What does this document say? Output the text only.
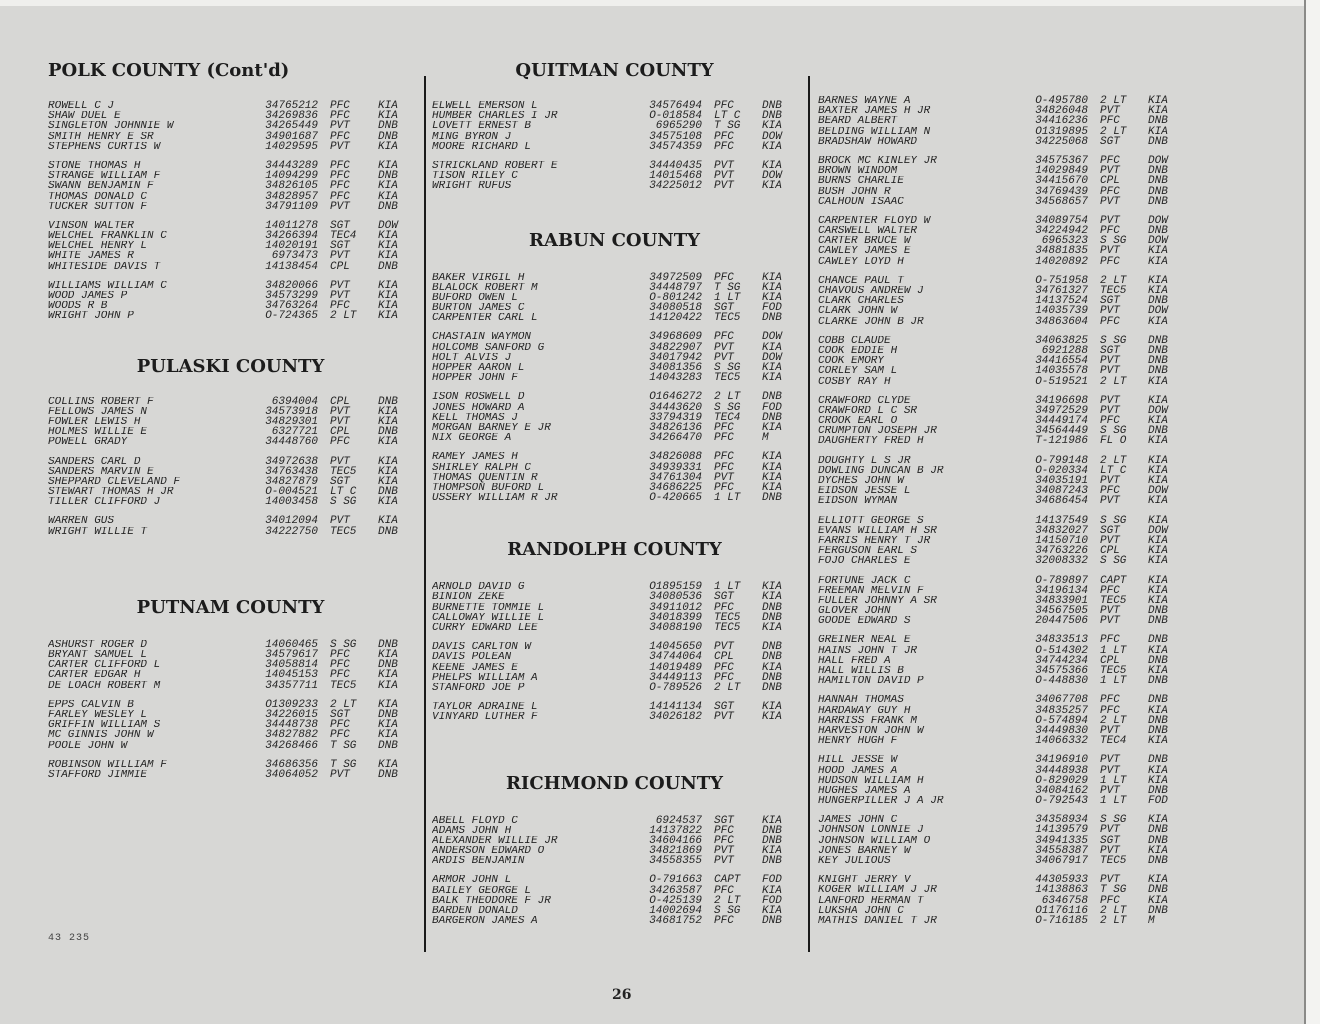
POLK COUNTY (Cont'd)
ROWELL C J	34765212	PFC	KIA
SHAW DUEL E	34269836	PFC	KIA
SINGLETON JOHNNIE W	34265449	PVT	DNB
SMITH HENRY E SR	34901687	PFC	DNB
STEPHENS CURTIS W	14029595	PVT	KIA
STONE THOMAS H	34443289	PFC	KIA
STRANGE WILLIAM F	14094299	PFC	DNB
SWANN BENJAMIN F	34826105	PFC	KIA
THOMAS DONALD C	34828957	PFC	KIA
TUCKER SUTTON F	34791109	PVT	DNB
VINSON WALTER	14011278	SGT	DOW
WELCHEL FRANKLIN C	34266394	TEC4	KIA
WELCHEL HENRY L	14020191	SGT	KIA
WHITE JAMES R	6973473	PVT	KIA
WHITESIDE DAVIS T	14138454	CPL	DNB
WILLIAMS WILLIAM C	34820066	PVT	KIA
WOOD JAMES P	34573299	PVT	KIA
WOODS R B	34763264	PFC	KIA
WRIGHT JOHN P	O-724365	2 LT	KIA
PULASKI COUNTY
COLLINS ROBERT F	6394004	CPL	DNB
FELLOWS JAMES N	34573918	PVT	KIA
FOWLER LEWIS H	34829301	PVT	KIA
HOLMES WILLIE E	6327721	CPL	DNB
POWELL GRADY	34448760	PFC	KIA
SANDERS CARL D	34972638	PVT	KIA
SANDERS MARVIN E	34763438	TEC5	KIA
SHEPPARD CLEVELAND F	34827879	SGT	KIA
STEWART THOMAS H JR	O-004521	LT C	DNB
TILLER CLIFFORD J	14003458	S SG	KIA
WARREN GUS	34012094	PVT	KIA
WRIGHT WILLIE T	34222750	TEC5	DNB
PUTNAM COUNTY
ASHURST ROGER D	14060465	S SG	DNB
BRYANT SAMUEL L	34579617	PFC	KIA
CARTER CLIFFORD L	34058814	PFC	DNB
CARTER EDGAR H	14045153	PFC	KIA
DE LOACH ROBERT M	34357711	TEC5	KIA
EPPS CALVIN B	O1309233	2 LT	KIA
FARLEY WESLEY L	34226015	SGT	DNB
GRIFFIN WILLIAM S	34448738	PFC	KIA
MC GINNIS JOHN W	34827882	PFC	KIA
POOLE JOHN W	34268466	T SG	DNB
ROBINSON WILLIAM F	34686356	T SG	KIA
STAFFORD JIMMIE	34064052	PVT	DNB
QUITMAN COUNTY
ELWELL EMERSON L	34576494	PFC	DNB
HUMBER CHARLES I JR	O-018584	LT C	DNB
LOVETT ERNEST B	6965290	T SG	KIA
MING BYRON J	34575108	PFC	DOW
MOORE RICHARD L	34574359	PFC	KIA
STRICKLAND ROBERT E	34440435	PVT	KIA
TISON RILEY C	14015468	PVT	DOW
WRIGHT RUFUS	34225012	PVT	KIA
RABUN COUNTY
BAKER VIRGIL H	34972509	PFC	KIA
BLALOCK ROBERT M	34448797	T SG	KIA
BUFORD OWEN L	O-801242	1 LT	KIA
BURTON JAMES C	34080518	SGT	FOD
CARPENTER CARL L	14120422	TEC5	DNB
CHASTAIN WAYMON	34968609	PFC	DOW
HOLCOMB SANFORD G	34822907	PVT	KIA
HOLT ALVIS J	34017942	PVT	DOW
HOPPER AARON L	34081356	S SG	KIA
HOPPER JOHN F	14043283	TEC5	KIA
ISON ROSWELL D	O1646272	2 LT	DNB
JONES HOWARD A	34443620	S SG	FOD
KELL THOMAS J	33794319	TEC4	DNB
MORGAN BARNEY E JR	34826136	PFC	KIA
NIX GEORGE A	34266470	PFC	M
RAMEY JAMES H	34826088	PFC	KIA
SHIRLEY RALPH C	34939331	PFC	KIA
THOMAS QUENTIN R	34761304	PVT	KIA
THOMPSON BUFORD L	34686225	PFC	KIA
USSERY WILLIAM R JR	O-420665	1 LT	DNB
RANDOLPH COUNTY
ARNOLD DAVID G	O1895159	1 LT	KIA
BINION ZEKE	34080536	SGT	KIA
BURNETTE TOMMIE L	34911012	PFC	DNB
CALLOWAY WILLIE L	34018399	TEC5	DNB
CURRY EDWARD LEE	34088190	TEC5	KIA
DAVIS CARLTON W	14045650	PVT	DNB
DAVIS POLEAN	34744064	CPL	DNB
KEENE JAMES E	14019489	PFC	KIA
PHELPS WILLIAM A	34449113	PFC	DNB
STANFORD JOE P	O-789526	2 LT	DNB
TAYLOR ADRAINE L	14141134	SGT	KIA
VINYARD LUTHER F	34026182	PVT	KIA
RICHMOND COUNTY
ABELL FLOYD C	6924537	SGT	KIA
ADAMS JOHN H	14137822	PFC	DNB
ALEXANDER WILLIE JR	34604166	PFC	DNB
ANDERSON EDWARD O	34821869	PVT	KIA
ARDIS BENJAMIN	34558355	PVT	DNB
ARMOR JOHN L	O-791663	CAPT	FOD
BAILEY GEORGE L	34263587	PFC	KIA
BALK THEODORE F JR	O-425139	2 LT	FOD
BARDEN DONALD	14002694	S SG	KIA
BARGERON JAMES A	34681752	PFC	DNB
BARNES WAYNE A	O-495780	2 LT	KIA
BAXTER JAMES H JR	34826048	PVT	KIA
BEARD ALBERT	34416236	PFC	DNB
BELDING WILLIAM N	O1319895	2 LT	KIA
BRADSHAW HOWARD	34225068	SGT	DNB
BROCK MC KINLEY JR	34575367	PFC	DOW
BROWN WINDOM	14029849	PVT	DNB
BURNS CHARLIE	34415670	CPL	DNB
BUSH JOHN R	34769439	PFC	DNB
CALHOUN ISAAC	34568657	PVT	DNB
CARPENTER FLOYD W	34089754	PVT	DOW
CARSWELL WALTER	34224942	PFC	DNB
CARTER BRUCE W	6965323	S SG	DOW
CAWLEY JAMES E	34881835	PVT	KIA
CAWLEY LOYD H	14020892	PFC	KIA
CHANCE PAUL T	O-751958	2 LT	KIA
CHAVOUS ANDREW J	34761327	TEC5	KIA
CLARK CHARLES	14137524	SGT	DNB
CLARK JOHN W	14035739	PVT	DOW
CLARKE JOHN B JR	34863604	PFC	KIA
COBB CLAUDE	34063825	S SG	DNB
COOK EDDIE H	6921288	SGT	DNB
COOK EMORY	34416554	PVT	DNB
CORLEY SAM L	14035578	PVT	DNB
COSBY RAY H	O-519521	2 LT	KIA
CRAWFORD CLYDE	34196698	PVT	KIA
CRAWFORD L C SR	34972529	PVT	DOW
CROOK EARL O	34449174	PFC	KIA
CRUMPTON JOSEPH JR	34564449	S SG	DNB
DAUGHERTY FRED H	T-121986	FL O	KIA
DOUGHTY L S JR	O-799148	2 LT	KIA
DOWLING DUNCAN B JR	O-020334	LT C	KIA
DYCHES JOHN W	34035191	PVT	KIA
EIDSON JESSE L	34087243	PFC	DOW
EIDSON WYMAN	34686454	PVT	KIA
ELLIOTT GEORGE S	14137549	S SG	KIA
EVANS WILLIAM H SR	34832027	SGT	DOW
FARRIS HENRY T JR	14150710	PVT	KIA
FERGUSON EARL S	34763226	CPL	KIA
FOJO CHARLES E	32008332	S SG	KIA
FORTUNE JACK C	O-789897	CAPT	KIA
FREEMAN MELVIN F	34196134	PFC	KIA
FULLER JOHNNY A SR	34833901	TEC5	KIA
GLOVER JOHN	34567505	PVT	DNB
GOODE EDWARD S	20447506	PVT	DNB
GREINER NEAL E	34833513	PFC	DNB
HAINS JOHN T JR	O-514302	1 LT	KIA
HALL FRED A	34744234	CPL	DNB
HALL WILLIS B	34575366	TEC5	KIA
HAMILTON DAVID P	O-448830	1 LT	DNB
HANNAH THOMAS	34067708	PFC	DNB
HARDAWAY GUY H	34835257	PFC	KIA
HARRISS FRANK M	O-574894	2 LT	DNB
HARVESTON JOHN W	34449830	PVT	DNB
HENRY HUGH F	14066332	TEC4	KIA
HILL JESSE W	34196910	PVT	DNB
HOOD JAMES A	34448938	PVT	KIA
HUDSON WILLIAM H	O-829029	1 LT	KIA
HUGHES JAMES A	34084162	PVT	DNB
HUNGERPILLER J A JR	O-792543	1 LT	FOD
JAMES JOHN C	34358934	S SG	KIA
JOHNSON LONNIE J	14139579	PVT	DNB
JOHNSON WILLIAM O	34941335	SGT	DNB
JONES BARNEY W	34558387	PVT	KIA
KEY JULIOUS	34067917	TEC5	DNB
KNIGHT JERRY V	44305933	PVT	KIA
KOGER WILLIAM J JR	14138863	T SG	DNB
LANFORD HERMAN T	6346758	PFC	KIA
LUKSHA JOHN C	O1176116	2 LT	DNB
MATHIS DANIEL T JR	O-716185	2 LT	M
43 235
26
